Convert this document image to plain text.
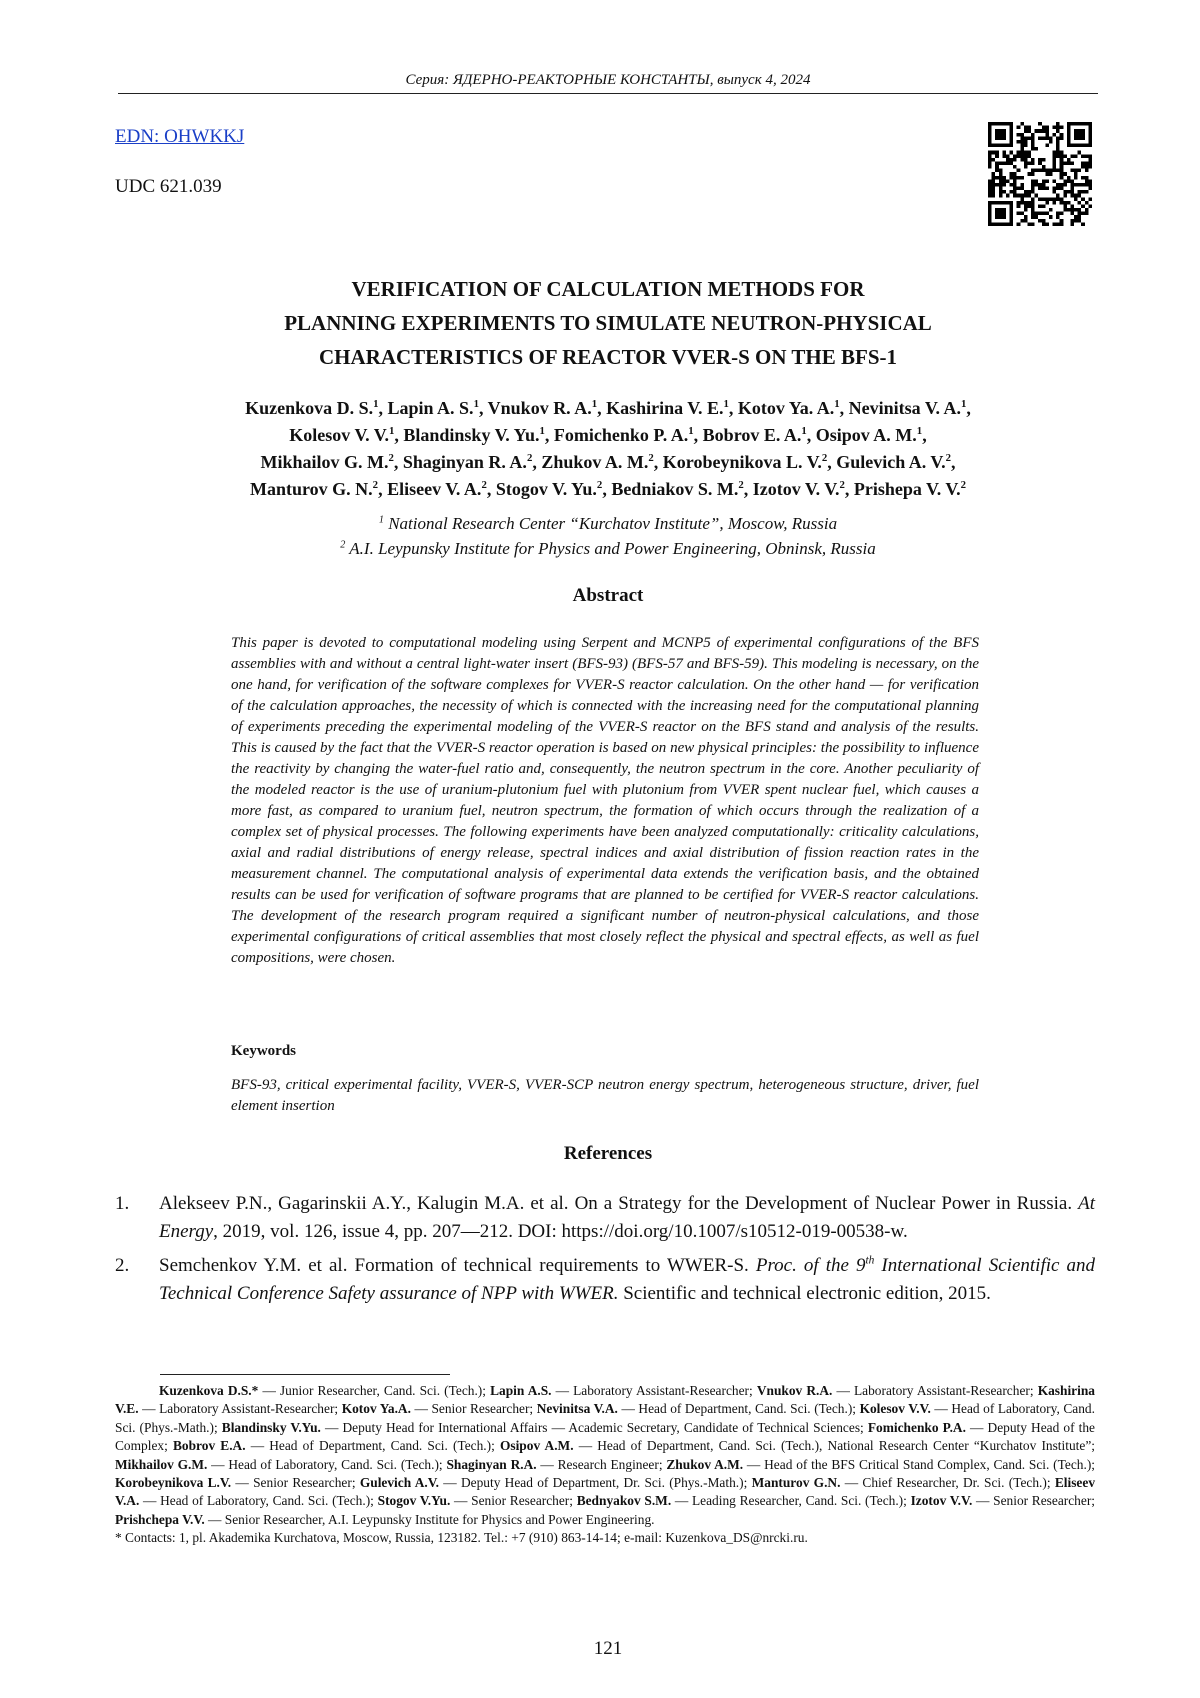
Серия: ЯДЕРНО-РЕАКТОРНЫЕ КОНСТАНТЫ, выпуск 4, 2024
EDN: OHWKKJ
UDC 621.039
VERIFICATION OF CALCULATION METHODS FOR
PLANNING EXPERIMENTS TO SIMULATE NEUTRON-PHYSICAL
CHARACTERISTICS OF REACTOR VVER-S ON THE BFS-1
Kuzenkova D. S.$^1$, Lapin A. S.$^1$, Vnukov R. A.$^1$, Kashirina V. E.$^1$, Kotov Ya. A.$^1$, Nevinitsa V. A.$^1$,
Kolesov V. V.$^1$, Blandinsky V. Yu.$^1$, Fomichenko P. A.$^1$, Bobrov E. A.$^1$, Osipov A. M.$^1$,
Mikhailov G. M.$^2$, Shaginyan R. A.$^2$, Zhukov A. M.$^2$, Korobeynikova L. V.$^2$, Gulevich A. V.$^2$,
Manturov G. N.$^2$, Eliseev V. A.$^2$, Stogov V. Yu.$^2$, Bedniakov S. M.$^2$, Izotov V. V.$^2$, Prishepa V. V.$^2$
$^1$ National Research Center “Kurchatov Institute”, Moscow, Russia
$^2$ A.I. Leypunsky Institute for Physics and Power Engineering, Obninsk, Russia
Abstract
This paper is devoted to computational modeling using Serpent and MCNP5 of experimental configurations of the BFS assemblies with and without a central light-water insert (BFS-93) (BFS-57 and BFS-59). This modeling is necessary, on the one hand, for verification of the software complexes for VVER-S reactor calculation. On the other hand — for verification of the calculation approaches, the necessity of which is connected with the increasing need for the computational planning of experiments preceding the experimental modeling of the VVER-S reactor on the BFS stand and analysis of the results. This is caused by the fact that the VVER-S reactor operation is based on new physical principles: the possibility to influence the reactivity by changing the water-fuel ratio and, consequently, the neutron spectrum in the core. Another peculiarity of the modeled reactor is the use of uranium-plutonium fuel with plutonium from VVER spent nuclear fuel, which causes a more fast, as compared to uranium fuel, neutron spectrum, the formation of which occurs through the realization of a complex set of physical processes. The following experiments have been analyzed computationally: criticality calculations, axial and radial distributions of energy release, spectral indices and axial distribution of fission reaction rates in the measurement channel. The computational analysis of experimental data extends the verification basis, and the obtained results can be used for verification of software programs that are planned to be certified for VVER-S reactor calculations. The development of the research program required a significant number of neutron-physical calculations, and those experimental configurations of critical assemblies that most closely reflect the physical and spectral effects, as well as fuel compositions, were chosen.
Keywords
BFS-93, critical experimental facility, VVER-S, VVER-SCP neutron energy spectrum, heterogeneous structure, driver, fuel element insertion
References
1. Alekseev P.N., Gagarinskii A.Y., Kalugin M.A. et al. On a Strategy for the Development of Nuclear Power in Russia. At Energy, 2019, vol. 126, issue 4, pp. 207—212. DOI: https://doi.org/10.1007/s10512-019-00538-w.
2. Semchenkov Y.M. et al. Formation of technical requirements to WWER-S. Proc. of the 9th International Scientific and Technical Conference Safety assurance of NPP with WWER. Scientific and technical electronic edition, 2015.
Kuzenkova D.S.* — Junior Researcher, Cand. Sci. (Tech.); Lapin A.S. — Laboratory Assistant-Researcher; Vnukov R.A. — Laboratory Assistant-Researcher; Kashirina V.E. — Laboratory Assistant-Researcher; Kotov Ya.A. — Senior Researcher; Nevinitsa V.A. — Head of Department, Cand. Sci. (Tech.); Kolesov V.V. — Head of Laboratory, Cand. Sci. (Phys.-Math.); Blandinsky V.Yu. — Deputy Head for International Affairs — Academic Secretary, Candidate of Technical Sciences; Fomichenko P.A. — Deputy Head of the Complex; Bobrov E.A. — Head of Department, Cand. Sci. (Tech.); Osipov A.M. — Head of Department, Cand. Sci. (Tech.), National Research Center “Kurchatov Institute”; Mikhailov G.M. — Head of Laboratory, Cand. Sci. (Tech.); Shaginyan R.A. — Research Engineer; Zhukov A.M. — Head of the BFS Critical Stand Complex, Cand. Sci. (Tech.); Korobeynikova L.V. — Senior Researcher; Gulevich A.V. — Deputy Head of Department, Dr. Sci. (Phys.-Math.); Manturov G.N. — Chief Researcher, Dr. Sci. (Tech.); Eliseev V.A. — Head of Laboratory, Cand. Sci. (Tech.); Stogov V.Yu. — Senior Researcher; Bednyakov S.M. — Leading Researcher, Cand. Sci. (Tech.); Izotov V.V. — Senior Researcher; Prishchepa V.V. — Senior Researcher, A.I. Leypunsky Institute for Physics and Power Engineering.
* Contacts: 1, pl. Akademika Kurchatova, Moscow, Russia, 123182. Tel.: +7 (910) 863-14-14; e-mail: Kuzenkova_DS@nrcki.ru.
121
